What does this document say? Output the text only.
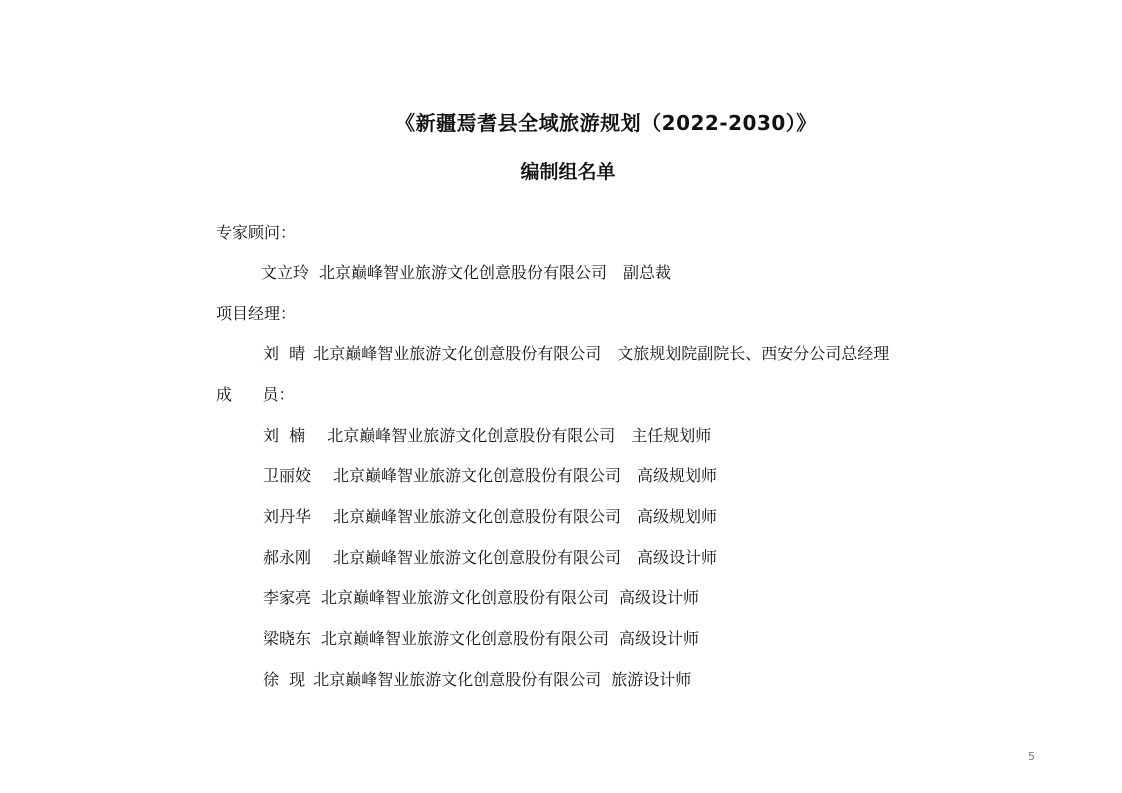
《新疆焉耆县全域旅游规划（2022-2030）》
编制组名单
专家顾问：
文立玲 北京巅峰智业旅游文化创意股份有限公司 副总裁
项目经理：
刘  晴 北京巅峰智业旅游文化创意股份有限公司 文旅规划院副院长、西安分公司总经理
成      员：
刘  楠 北京巅峰智业旅游文化创意股份有限公司 主任规划师
卫丽姣 北京巅峰智业旅游文化创意股份有限公司 高级规划师
刘丹华 北京巅峰智业旅游文化创意股份有限公司 高级规划师
郝永刚 北京巅峰智业旅游文化创意股份有限公司 高级设计师
李家亮 北京巅峰智业旅游文化创意股份有限公司 高级设计师
梁晓东 北京巅峰智业旅游文化创意股份有限公司 高级设计师
徐  现 北京巅峰智业旅游文化创意股份有限公司 旅游设计师
5
